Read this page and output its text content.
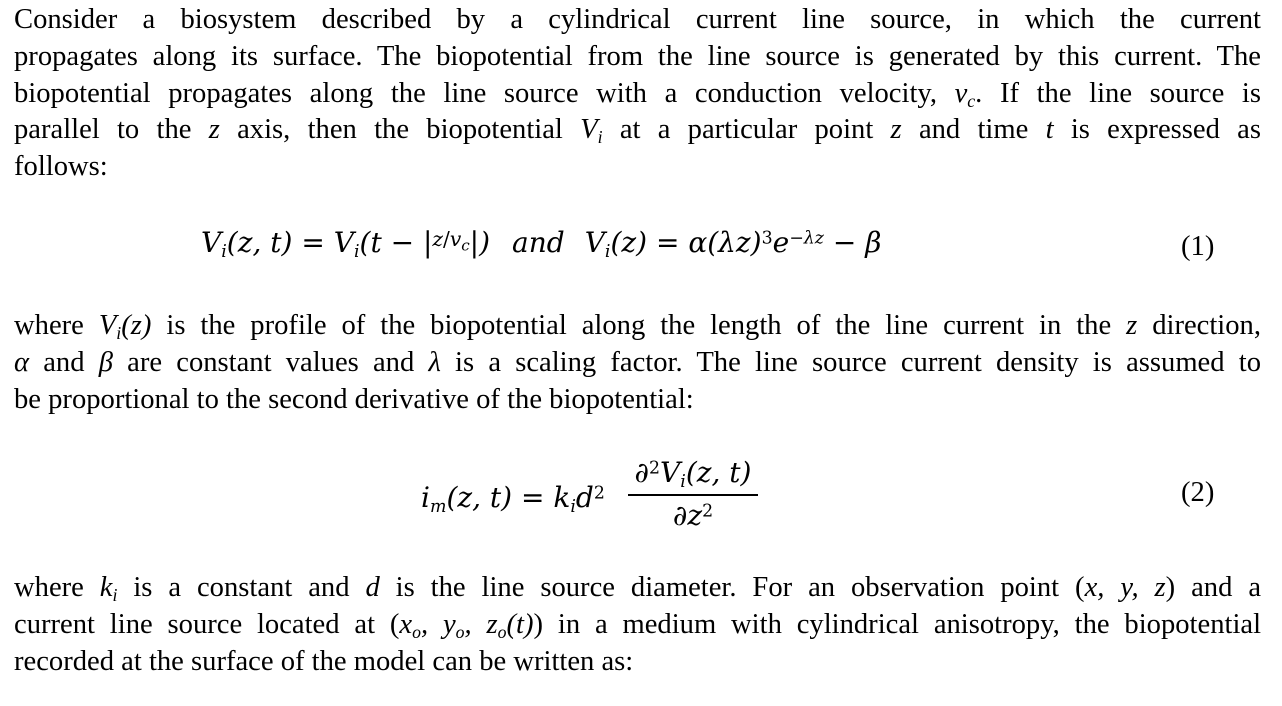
Consider a biosystem described by a cylindrical current line source, in which the current
propagates along its surface. The biopotential from the line source is generated by this current. The
biopotential propagates along the line source with a conduction velocity, $v_c$. If the line source is
parallel to the z axis, then the biopotential $V_i$ at a particular point z and time t is expressed as
follows:
$V_i(z$, $t) = V_i(t - |z/v_c|)$ and $V_i(z) = \alpha(\lambda z)^3e^{-\lambda z} - \beta$	(1)
where $V_i(z)$ is the profile of the biopotential along the length of the line current in the z direction,
α and β are constant values and λ is a scaling factor. The line source current density is assumed to
be proportional to the second derivative of the biopotential:
$i_m(z$, $t) = k_id^2$
$\partial^2V_i(z$, t)
$\partial z^2$
(2)
where $k_i$ is a constant and d is the line source diameter. For an observation point (x, y, z) and a
current line source located at ($x_o$, $y_o$, $z_o(t)$) in a medium with cylindrical anisotropy, the biopotential
recorded at the surface of the model can be written as:
